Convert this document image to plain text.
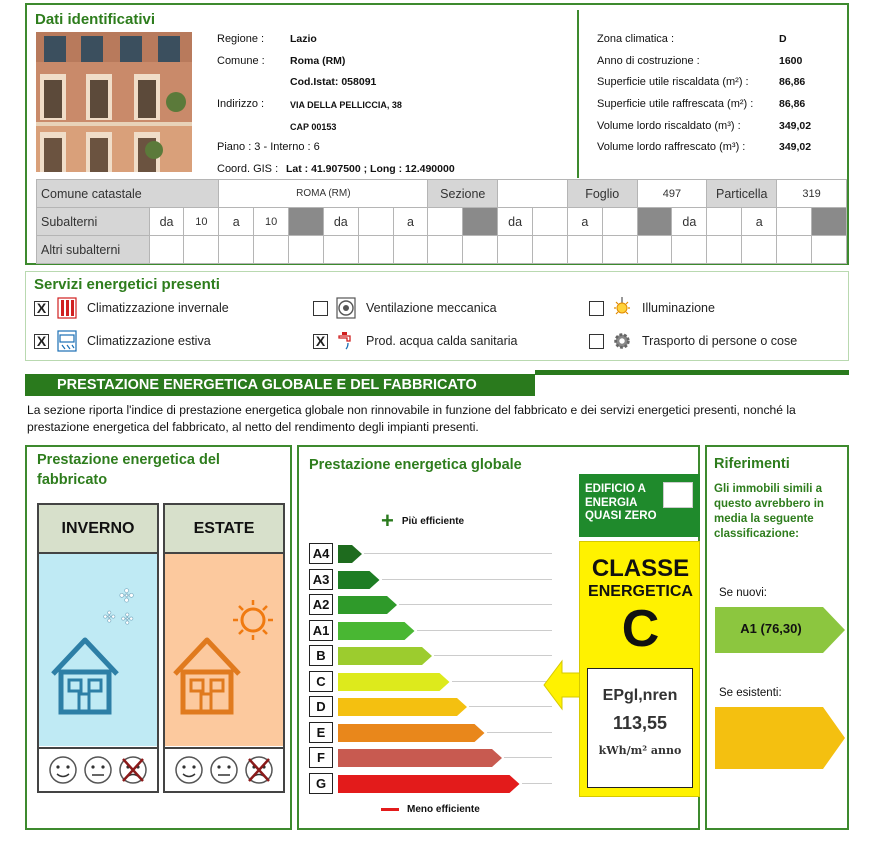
Dati identificativi
Regione : Lazio
Comune : Roma (RM)
Cod.Istat: 058091
Indirizzo :	VIA DELLA PELLICCIA, 38
CAP 00153
Piano : 3 - Interno : 6
Coord. GIS : Lat : 41.907500 ; Long : 12.490000
Zona climatica :	D
Anno di costruzione :	1600
Superficie utile riscaldata (m²) :	86,86
Superficie utile raffrescata (m²) : 86,86
Volume lordo riscaldato (m³) :	349,02
Volume lordo raffrescato (m³) :	349,02
Comune catastale			ROMA (RM)						Sezione				Foglio		497		Particella		319	
Subalterni	da	10	a	10		da		a			da		a			da		a		
Altri subalterni																				
Servizi energetici presenti
X	Climatizzazione invernale
X	Climatizzazione estiva
Ventilazione meccanica
X	Prod. acqua calda sanitaria
Illuminazione
Trasporto di persone o cose
PRESTAZIONE ENERGETICA GLOBALE E DEL FABBRICATO
La sezione riporta l'indice di prestazione energetica globale non rinnovabile in funzione del fabbricato e dei servizi energetici presenti, nonché la prestazione energetica del fabbricato, al netto del rendimento degli impianti presenti.
Prestazione energetica del fabbricato
INVERNO
✣
✣ ✣
ESTATE
Prestazione energetica globale
+ Più efficiente
A4
A3
A2
A1
B
C
D
E
F
G
Meno efficiente
EDIFICIO A ENERGIA QUASI ZERO
CLASSE
ENERGETICA
C
EPgl,nren
113,55
kWh/m² anno
Riferimenti
Gli immobili simili a questo avrebbero in media la seguente classificazione:
Se nuovi:
A1 (76,30)
Se esistenti:
